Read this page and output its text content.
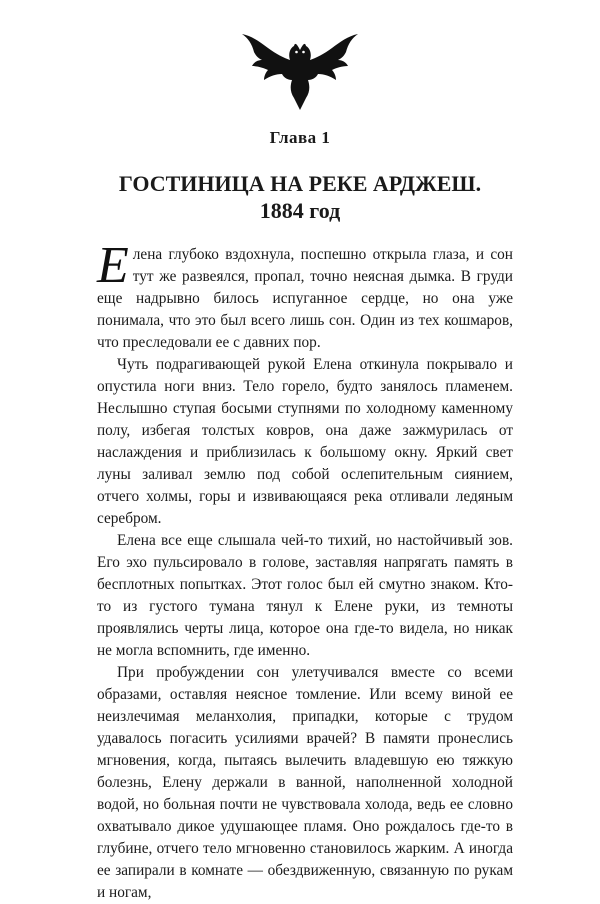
Глава 1
ГОСТИНИЦА НА РЕКЕ АРДЖЕШ.
1884 год

Елена глубоко вздохнула, поспешно открыла глаза, и сон тут же развеялся, пропал, точно неясная дымка. В груди еще надрывно билось испуганное сердце, но она уже понимала, что это был всего лишь сон. Один из тех кошмаров, что преследовали ее с давних пор.

Чуть подрагивающей рукой Елена откинула покрывало и опустила ноги вниз. Тело горело, будто занялось пламенем. Неслышно ступая босыми ступнями по холодному каменному полу, избегая толстых ковров, она даже зажмурилась от наслаждения и приблизилась к большому окну. Яркий свет луны заливал землю под собой ослепительным сиянием, отчего холмы, горы и извивающаяся река отливали ледяным серебром.

Елена все еще слышала чей-то тихий, но настойчивый зов. Его эхо пульсировало в голове, заставляя напрягать память в бесплотных попытках. Этот голос был ей смутно знаком. Кто-то из густого тумана тянул к Елене руки, из темноты проявлялись черты лица, которое она где-то видела, но никак не могла вспомнить, где именно.

При пробуждении сон улетучивался вместе со всеми образами, оставляя неясное томление. Или всему виной ее неизлечимая меланхолия, припадки, которые с трудом удавалось погасить усилиями врачей? В памяти пронеслись мгновения, когда, пытаясь вылечить владевшую ею тяжкую болезнь, Елену держали в ванной, наполненной холодной водой, но больная почти не чувствовала холода, ведь ее словно охватывало дикое удушающее пламя. Оно рождалось где-то в глубине, отчего тело мгновенно становилось жарким. А иногда ее запирали в комнате — обездвиженную, связанную по рукам и ногам,
